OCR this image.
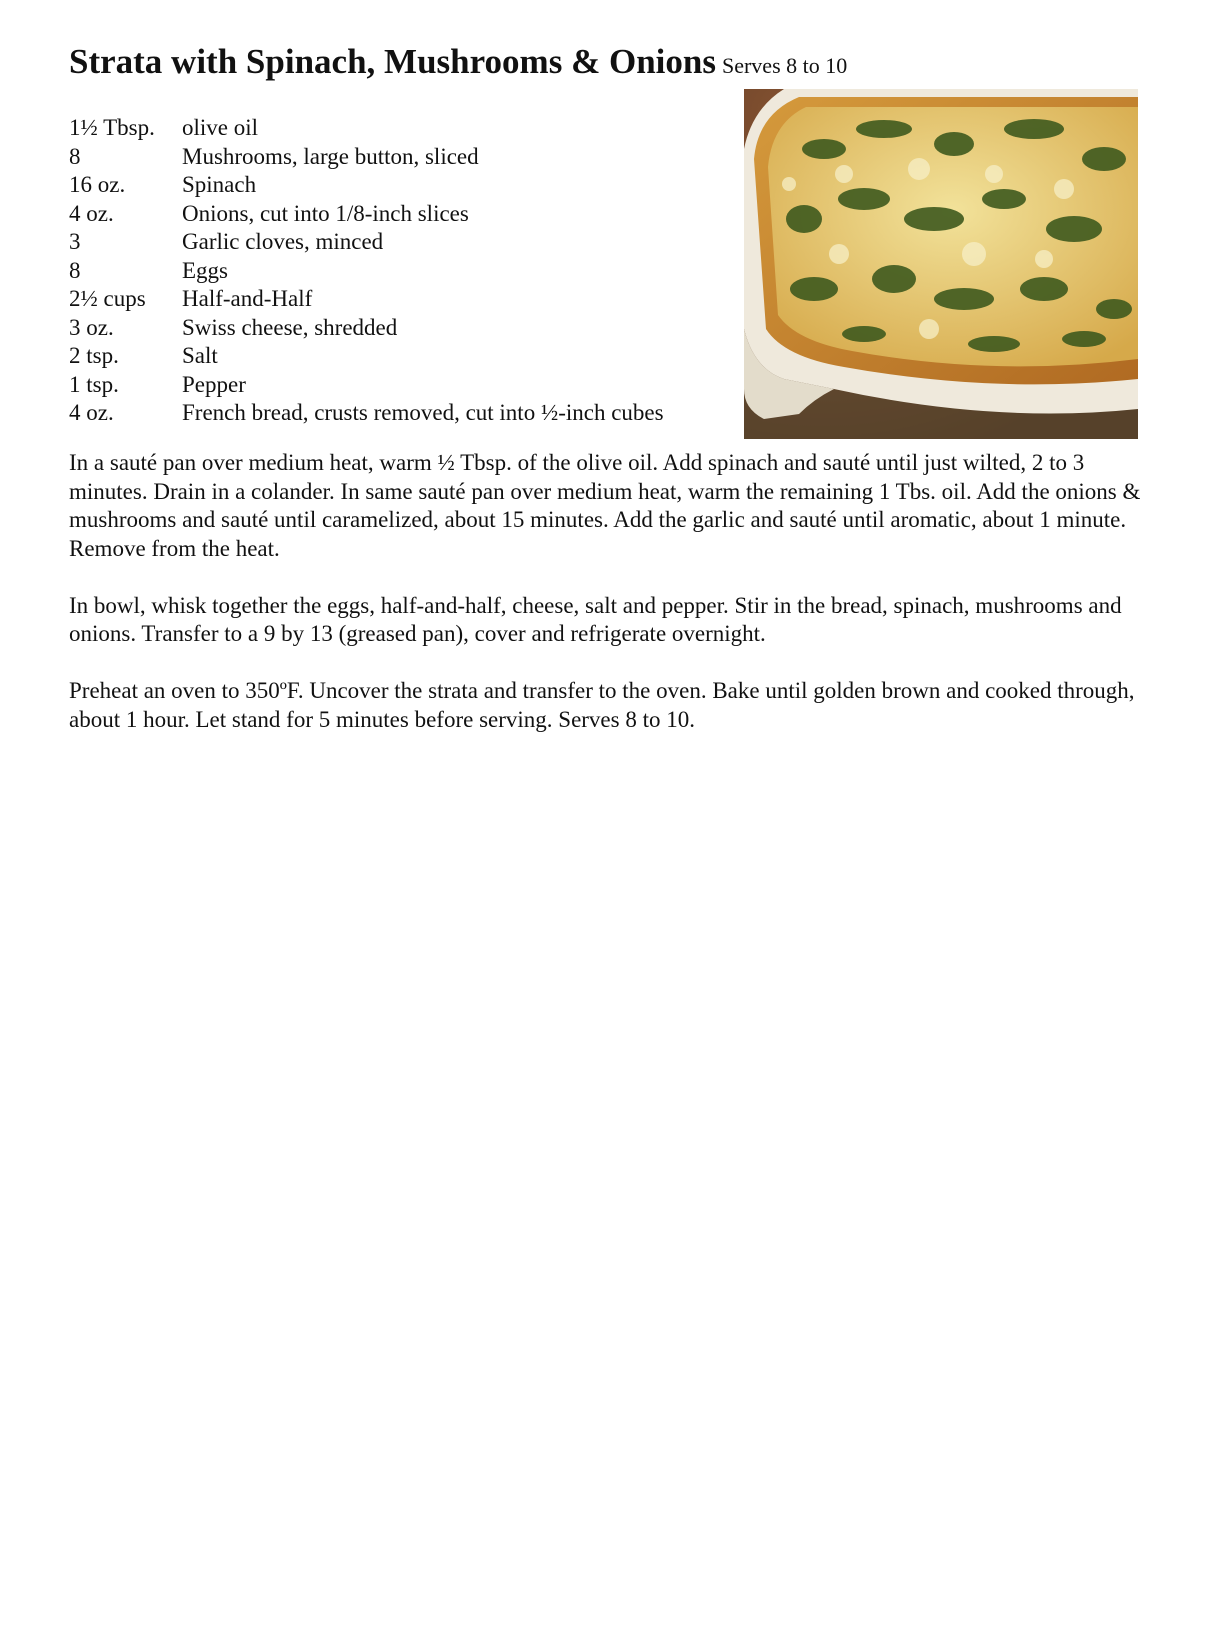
Strata with Spinach, Mushrooms & Onions Serves 8 to 10
1½ Tbsp.	olive oil
8	Mushrooms, large button, sliced
16 oz.	Spinach
4 oz.	Onions, cut into 1/8-inch slices
3	Garlic cloves, minced
8	Eggs
2½ cups	Half-and-Half
3 oz.	Swiss cheese, shredded
2 tsp.	Salt
1 tsp.	Pepper
4 oz.	French bread, crusts removed, cut into ½-inch cubes

In a sauté pan over medium heat, warm ½ Tbsp. of the olive oil. Add spinach and sauté until just wilted, 2 to 3 minutes. Drain in a colander. In same sauté pan over medium heat, warm the remaining 1 Tbs. oil. Add the onions & mushrooms and sauté until caramelized, about 15 minutes. Add the garlic and sauté until aromatic, about 1 minute. Remove from the heat.

In bowl, whisk together the eggs, half-and-half, cheese, salt and pepper. Stir in the bread, spinach, mushrooms and onions. Transfer to a 9 by 13 (greased pan), cover and refrigerate overnight.

Preheat an oven to 350ºF. Uncover the strata and transfer to the oven. Bake until golden brown and cooked through, about 1 hour. Let stand for 5 minutes before serving. Serves 8 to 10.
